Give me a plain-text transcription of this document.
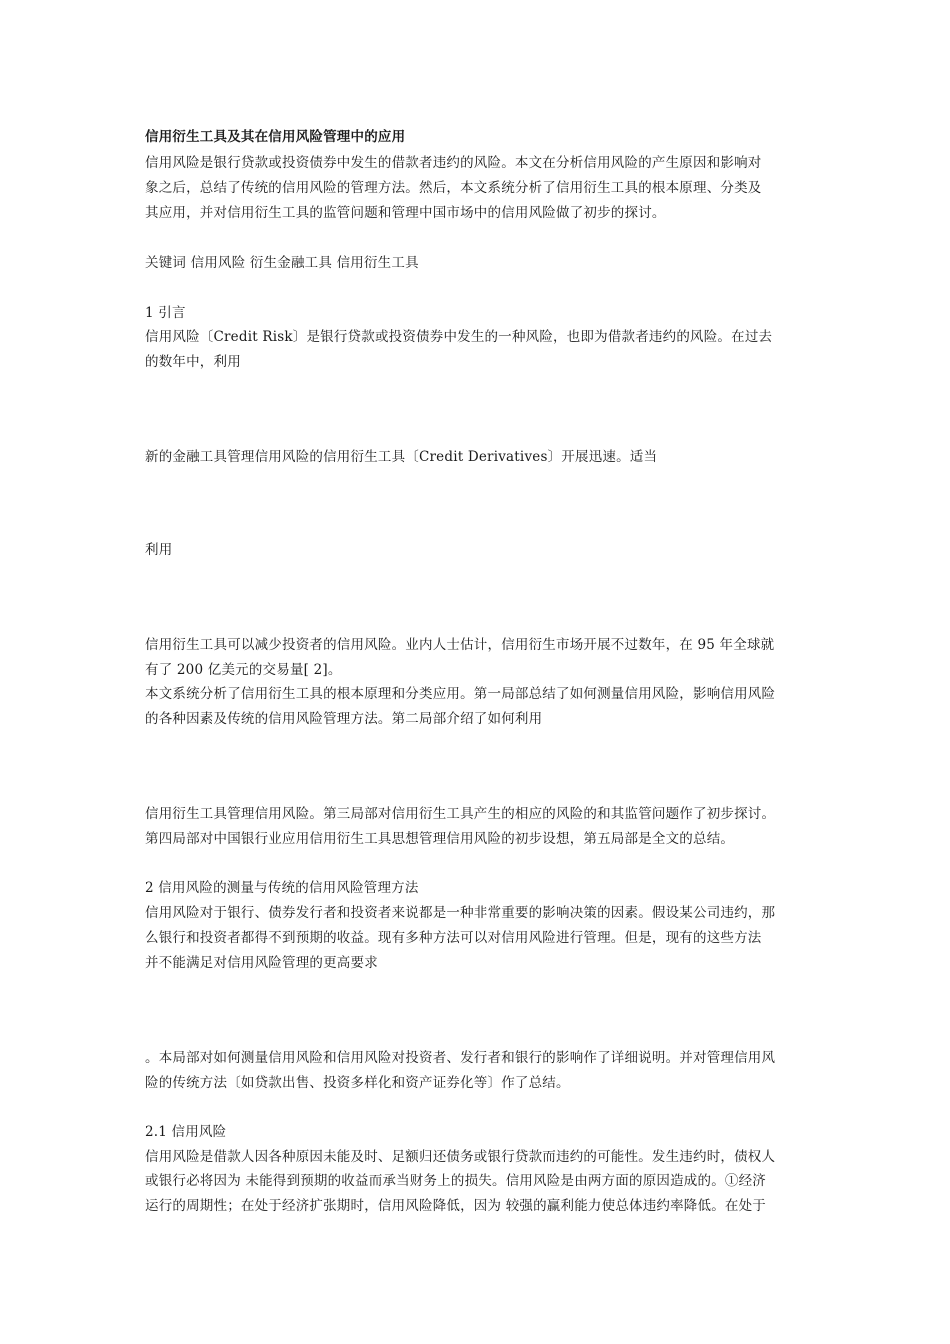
信用衍生工具及其在信用风险管理中的应用
信用风险是银行贷款或投资债券中发生的借款者违约的风险。本文在分析信用风险的产生原因和影响对
象之后，总结了传统的信用风险的管理方法。然后，本文系统分析了信用衍生工具的根本原理、分类及
其应用，并对信用衍生工具的监管问题和管理中国市场中的信用风险做了初步的探讨。
关键词 信用风险 衍生金融工具 信用衍生工具
1 引言
信用风险〔Credit Risk〕是银行贷款或投资债券中发生的一种风险，也即为借款者违约的风险。在过去
的数年中，利用
新的金融工具管理信用风险的信用衍生工具〔Credit Derivatives〕开展迅速。适当
利用
信用衍生工具可以减少投资者的信用风险。业内人士估计，信用衍生市场开展不过数年，在 95 年全球就
有了 200 亿美元的交易量[ 2]。
本文系统分析了信用衍生工具的根本原理和分类应用。第一局部总结了如何测量信用风险，影响信用风险
的各种因素及传统的信用风险管理方法。第二局部介绍了如何利用
信用衍生工具管理信用风险。第三局部对信用衍生工具产生的相应的风险的和其监管问题作了初步探讨。
第四局部对中国银行业应用信用衍生工具思想管理信用风险的初步设想，第五局部是全文的总结。
2 信用风险的测量与传统的信用风险管理方法
信用风险对于银行、债券发行者和投资者来说都是一种非常重要的影响决策的因素。假设某公司违约，那
么银行和投资者都得不到预期的收益。现有多种方法可以对信用风险进行管理。但是，现有的这些方法
并不能满足对信用风险管理的更高要求
。本局部对如何测量信用风险和信用风险对投资者、发行者和银行的影响作了详细说明。并对管理信用风
险的传统方法〔如贷款出售、投资多样化和资产证券化等〕作了总结。
2.1 信用风险
信用风险是借款人因各种原因未能及时、足额归还债务或银行贷款而违约的可能性。发生违约时，债权人
或银行必将因为 未能得到预期的收益而承当财务上的损失。信用风险是由两方面的原因造成的。①经济
运行的周期性；在处于经济扩张期时，信用风险降低，因为 较强的赢利能力使总体违约率降低。在处于
